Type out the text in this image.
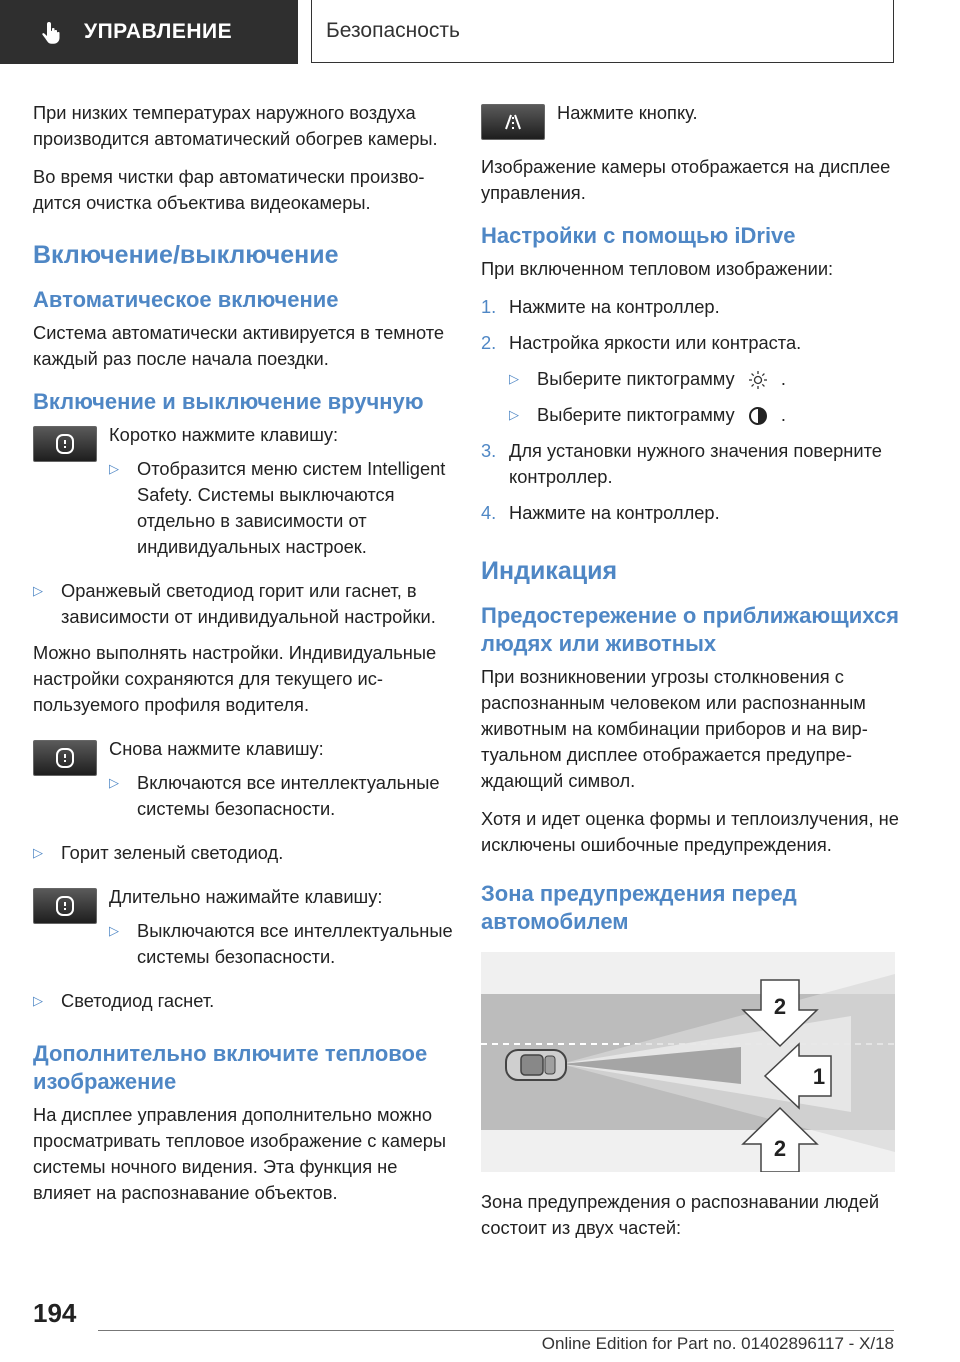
УПРАВЛЕНИЕ	Безопасность

При низких температурах наружного воздуха производится автоматический обогрев камеры.

Во время чистки фар автоматически производится очистка объектива видеокамеры.

Включение/выключение
Автоматическое включение

Система автоматически активируется в темноте каждый раз после начала поездки.

Включение и выключение вручную

Коротко нажмите клавишу:

▷ Отобразится меню систем Intelligent Safety. Системы выключаются отдельно в зависимости от индивидуальных настроек.
▷ Оранжевый светодиод горит или гаснет, в зависимости от индивидуальной настройки.

Можно выполнять настройки. Индивидуальные настройки сохраняются для текущего используемого профиля водителя.

Снова нажмите клавишу:

▷ Включаются все интеллектуальные системы безопасности.
▷ Горит зеленый светодиод.

Длительно нажимайте клавишу:

▷ Выключаются все интеллектуальные системы безопасности.
▷ Светодиод гаснет.
Дополнительно включите тепловое изображение

На дисплее управления дополнительно можно просматривать тепловое изображение с камеры системы ночного видения. Эта функция не влияет на распознавание объектов.

Нажмите кнопку.

Изображение камеры отображается на дисплее управления.

Настройки с помощью iDrive

При включенном тепловом изображении:

1. Нажмите на контроллер.
2. Настройка яркости или контраста.
▷ Выберите пиктограмму	.
▷ Выберите пиктограмму	.
3. Для установки нужного значения поверните контроллер.
4. Нажмите на контроллер.
Индикация
Предостережение о приближающихся людях или животных

При возникновении угрозы столкновения с распознанным человеком или распознанным животным на комбинации приборов и на виртуальном дисплее отображается предупреждающий символ.

Хотя и идет оценка формы и теплоизлучения, не исключены ошибочные предупреждения.

Зона предупреждения перед автомобилем
2
1
2

Зона предупреждения о распознавании людей состоит из двух частей:

194
Online Edition for Part no. 01402896117 - X/18
